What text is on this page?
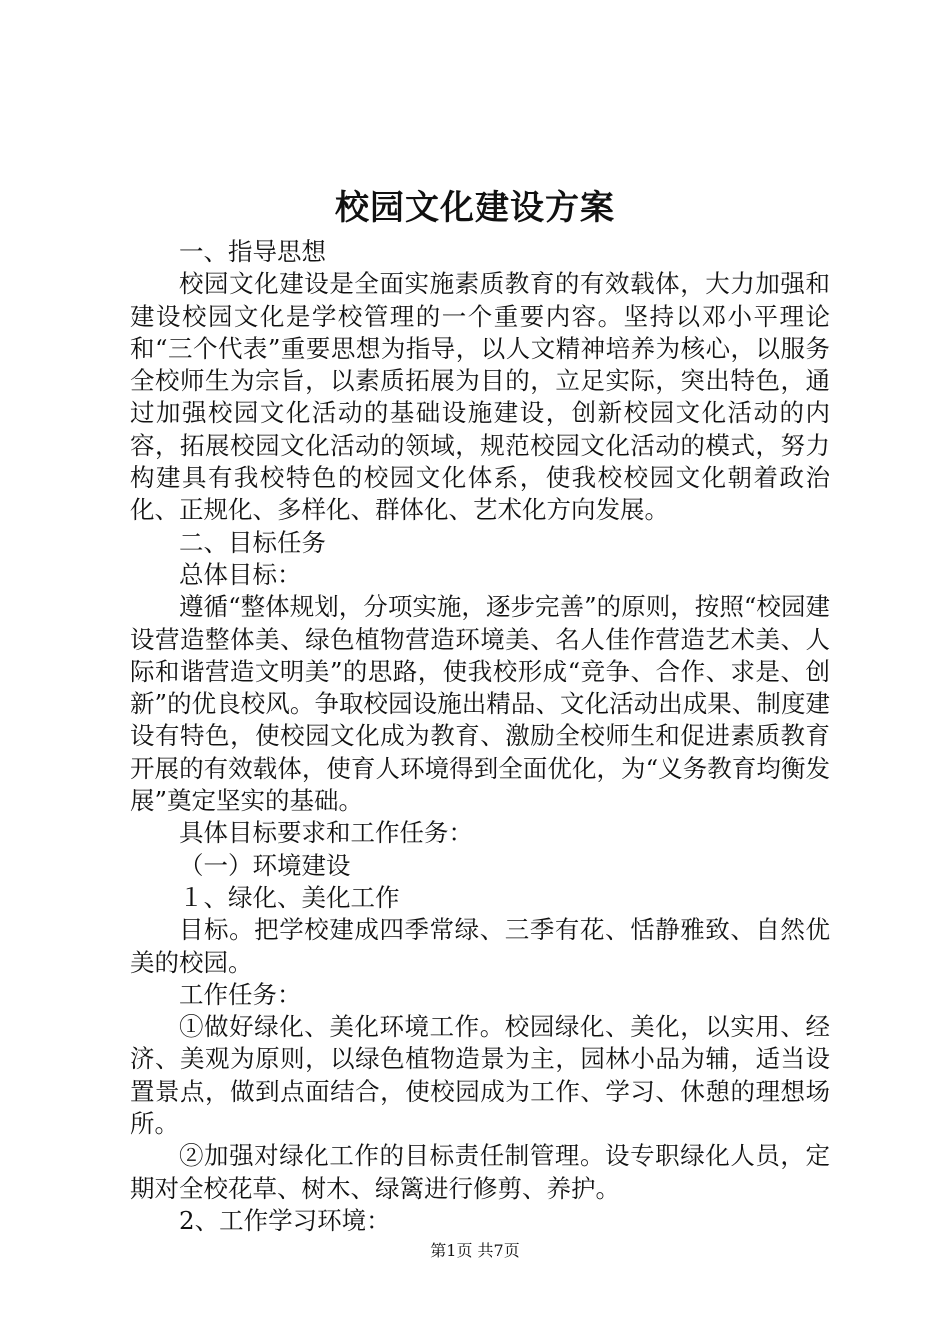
校园文化建设方案

一、指导思想

校园文化建设是全面实施素质教育的有效载体，大力加强和建设校园文化是学校管理的一个重要内容。坚持以邓小平理论和“三个代表”重要思想为指导，以人文精神培养为核心，以服务全校师生为宗旨，以素质拓展为目的，立足实际，突出特色，通过加强校园文化活动的基础设施建设，创新校园文化活动的内容，拓展校园文化活动的领域，规范校园文化活动的模式，努力构建具有我校特色的校园文化体系，使我校校园文化朝着政治化、正规化、多样化、群体化、艺术化方向发展。

二、目标任务

总体目标：

遵循“整体规划，分项实施，逐步完善”的原则，按照“校园建设营造整体美、绿色植物营造环境美、名人佳作营造艺术美、人际和谐营造文明美”的思路，使我校形成“竞争、合作、求是、创新”的优良校风。争取校园设施出精品、文化活动出成果、制度建设有特色，使校园文化成为教育、激励全校师生和促进素质教育开展的有效载体，使育人环境得到全面优化，为“义务教育均衡发展”奠定坚实的基础。

具体目标要求和工作任务：

（一）环境建设

１、绿化、美化工作

目标。把学校建成四季常绿、三季有花、恬静雅致、自然优美的校园。

工作任务：

①做好绿化、美化环境工作。校园绿化、美化，以实用、经济、美观为原则，以绿色植物造景为主，园林小品为辅，适当设置景点，做到点面结合，使校园成为工作、学习、休憩的理想场所。

②加强对绿化工作的目标责任制管理。设专职绿化人员，定期对全校花草、树木、绿篱进行修剪、养护。

2、工作学习环境：

第1页 共7页
